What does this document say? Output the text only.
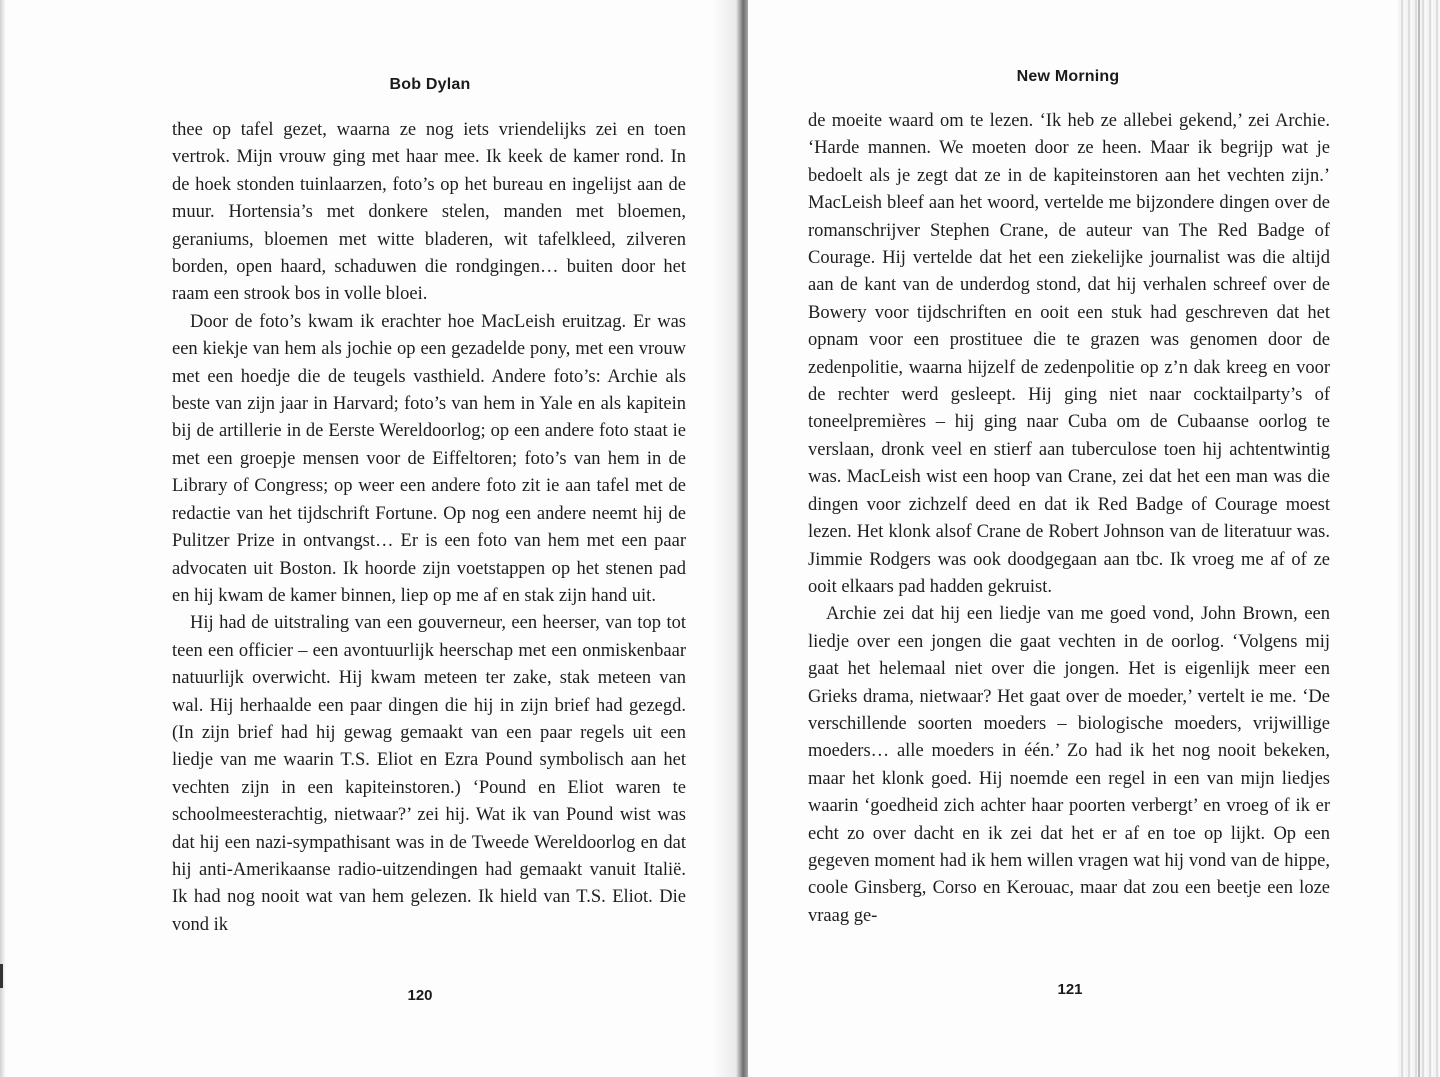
Bob Dylan

thee op tafel gezet, waarna ze nog iets vriendelijks zei en toen vertrok. Mijn vrouw ging met haar mee. Ik keek de kamer rond. In de hoek stonden tuinlaarzen, foto’s op het bureau en ingelijst aan de muur. Hortensia’s met donkere stelen, manden met bloemen, geraniums, bloemen met witte bladeren, wit tafelkleed, zilveren borden, open haard, schaduwen die rondgingen… buiten door het raam een strook bos in volle bloei.

Door de foto’s kwam ik erachter hoe MacLeish eruitzag. Er was een kiekje van hem als jochie op een gezadelde pony, met een vrouw met een hoedje die de teugels vasthield. Andere foto’s: Archie als beste van zijn jaar in Harvard; foto’s van hem in Yale en als kapitein bij de artillerie in de Eerste Wereldoorlog; op een andere foto staat ie met een groepje mensen voor de Eiffeltoren; foto’s van hem in de Library of Congress; op weer een andere foto zit ie aan tafel met de redactie van het tijdschrift Fortune. Op nog een andere neemt hij de Pulitzer Prize in ontvangst… Er is een foto van hem met een paar advocaten uit Boston. Ik hoorde zijn voetstappen op het stenen pad en hij kwam de kamer binnen, liep op me af en stak zijn hand uit.

Hij had de uitstraling van een gouverneur, een heerser, van top tot teen een officier – een avontuurlijk heerschap met een onmiskenbaar natuurlijk overwicht. Hij kwam meteen ter zake, stak meteen van wal. Hij herhaalde een paar dingen die hij in zijn brief had gezegd. (In zijn brief had hij gewag gemaakt van een paar regels uit een liedje van me waarin T.S. Eliot en Ezra Pound symbolisch aan het vechten zijn in een kapiteinstoren.) ‘Pound en Eliot waren te schoolmeesterachtig, nietwaar?’ zei hij. Wat ik van Pound wist was dat hij een nazi-sympathisant was in de Tweede Wereldoorlog en dat hij anti-Amerikaanse radio-uitzendingen had gemaakt vanuit Italië. Ik had nog nooit wat van hem gelezen. Ik hield van T.S. Eliot. Die vond ik

120
New Morning

de moeite waard om te lezen. ‘Ik heb ze allebei gekend,’ zei Archie. ‘Harde mannen. We moeten door ze heen. Maar ik begrijp wat je bedoelt als je zegt dat ze in de kapiteinstoren aan het vechten zijn.’ MacLeish bleef aan het woord, vertelde me bijzondere dingen over de romanschrijver Stephen Crane, de auteur van The Red Badge of Courage. Hij vertelde dat het een ziekelijke journalist was die altijd aan de kant van de underdog stond, dat hij verhalen schreef over de Bowery voor tijdschriften en ooit een stuk had geschreven dat het opnam voor een prostituee die te grazen was genomen door de zedenpolitie, waarna hijzelf de zedenpolitie op z’n dak kreeg en voor de rechter werd gesleept. Hij ging niet naar cocktailparty’s of toneelpremières – hij ging naar Cuba om de Cubaanse oorlog te verslaan, dronk veel en stierf aan tuberculose toen hij achtentwintig was. MacLeish wist een hoop van Crane, zei dat het een man was die dingen voor zichzelf deed en dat ik Red Badge of Courage moest lezen. Het klonk alsof Crane de Robert Johnson van de literatuur was. Jimmie Rodgers was ook doodgegaan aan tbc. Ik vroeg me af of ze ooit elkaars pad hadden gekruist.

Archie zei dat hij een liedje van me goed vond, John Brown, een liedje over een jongen die gaat vechten in de oorlog. ‘Volgens mij gaat het helemaal niet over die jongen. Het is eigenlijk meer een Grieks drama, nietwaar? Het gaat over de moeder,’ vertelt ie me. ‘De verschillende soorten moeders – biologische moeders, vrijwillige moeders… alle moeders in één.’ Zo had ik het nog nooit bekeken, maar het klonk goed. Hij noemde een regel in een van mijn liedjes waarin ‘goedheid zich achter haar poorten verbergt’ en vroeg of ik er echt zo over dacht en ik zei dat het er af en toe op lijkt. Op een gegeven moment had ik hem willen vragen wat hij vond van de hippe, coole Ginsberg, Corso en Kerouac, maar dat zou een beetje een loze vraag ge-

121
